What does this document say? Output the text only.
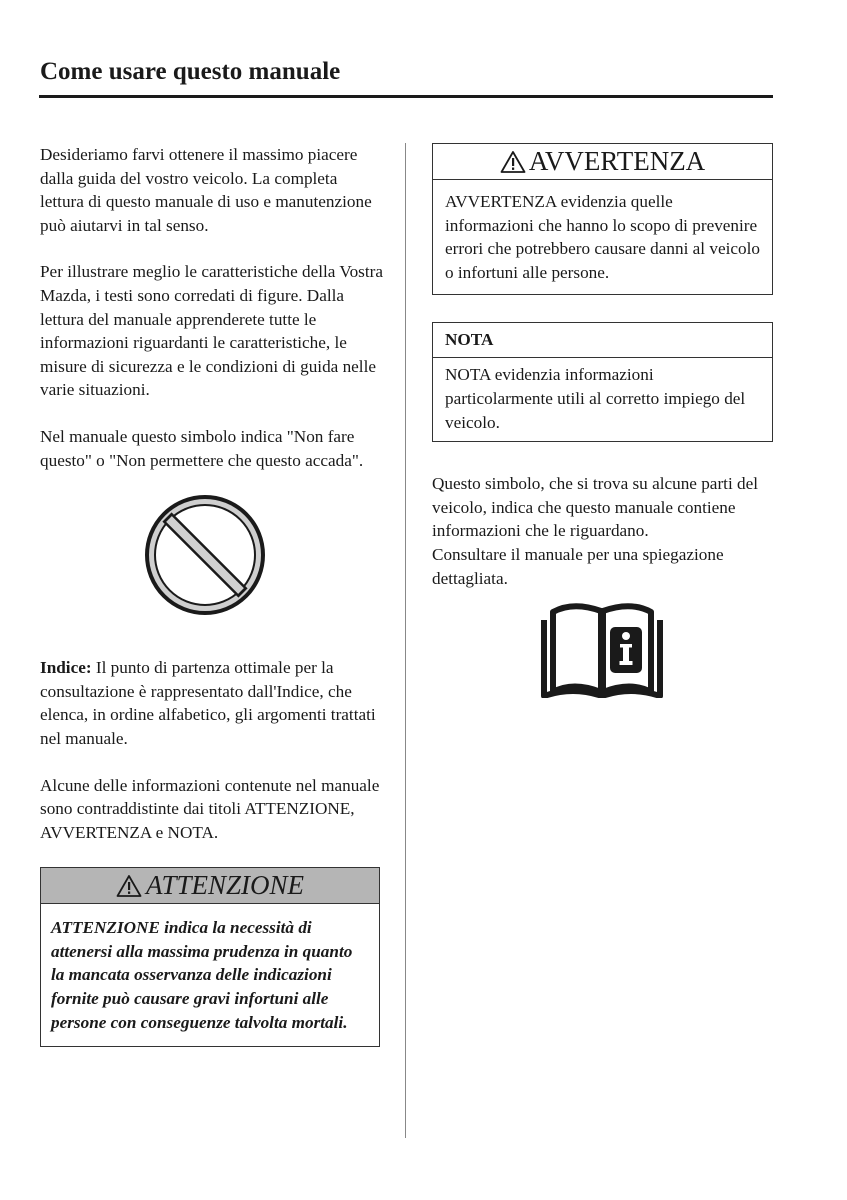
Come usare questo manuale

Desideriamo farvi ottenere il massimo piacere dalla guida del vostro veicolo. La completa lettura di questo manuale di uso e manutenzione può aiutarvi in tal senso.

Per illustrare meglio le caratteristiche della Vostra Mazda, i testi sono corredati di figure. Dalla lettura del manuale apprenderete tutte le informazioni riguardanti le caratteristiche, le misure di sicurezza e le condizioni di guida nelle varie situazioni.

Nel manuale questo simbolo indica "Non fare questo" o "Non permettere che questo accada".

Indice: Il punto di partenza ottimale per la consultazione è rappresentato dall'Indice, che elenca, in ordine alfabetico, gli argomenti trattati nel manuale.

Alcune delle informazioni contenute nel manuale sono contraddistinte dai titoli ATTENZIONE, AVVERTENZA e NOTA.

ATTENZIONE
ATTENZIONE indica la necessità di attenersi alla massima prudenza in quanto la mancata osservanza delle indicazioni fornite può causare gravi infortuni alle persone con conseguenze talvolta mortali.
AVVERTENZA
AVVERTENZA evidenzia quelle informazioni che hanno lo scopo di prevenire errori che potrebbero causare danni al veicolo o infortuni alle persone.
NOTA
NOTA evidenzia informazioni particolarmente utili al corretto impiego del veicolo.

Questo simbolo, che si trova su alcune parti del veicolo, indica che questo manuale contiene informazioni che le riguardano.

Consultare il manuale per una spiegazione dettagliata.
